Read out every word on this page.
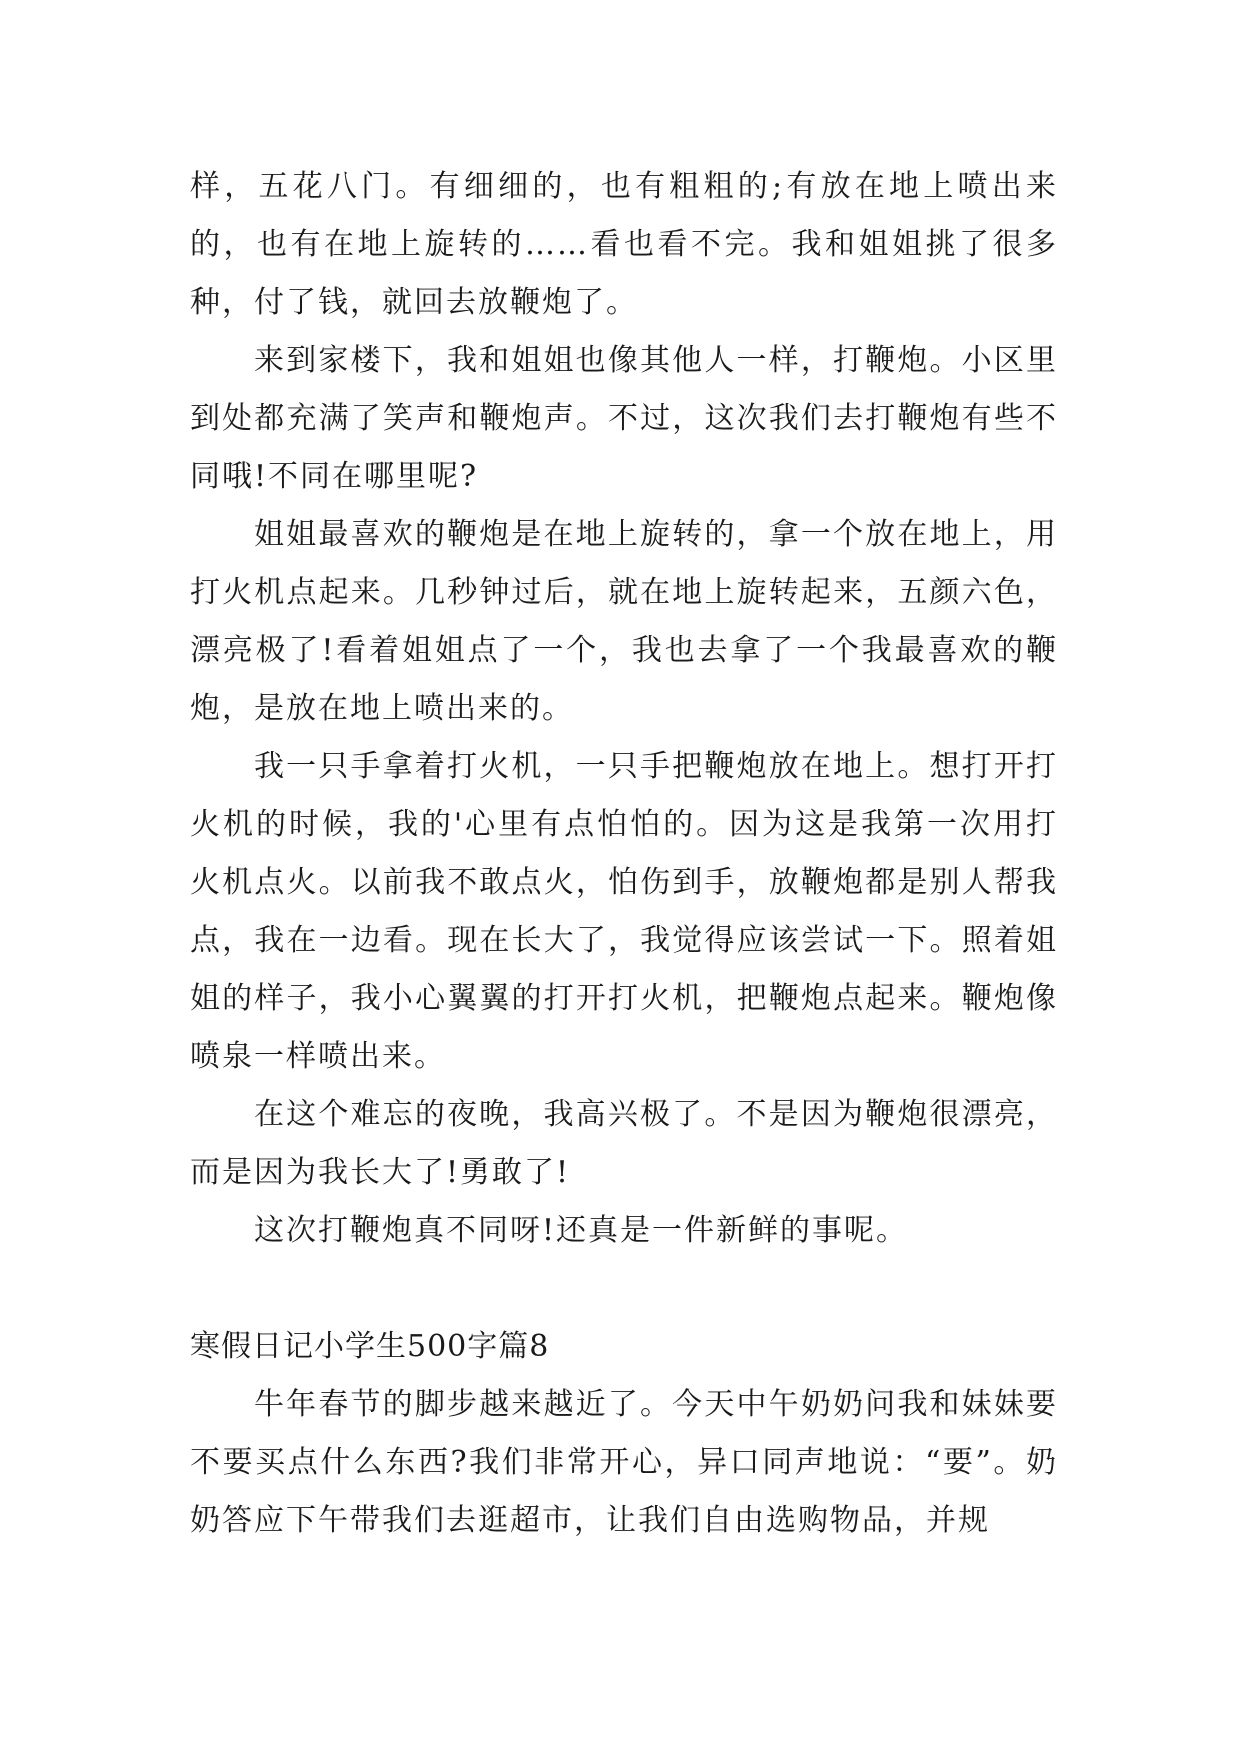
样，五花八门。有细细的，也有粗粗的;有放在地上喷出来的，也有在地上旋转的……看也看不完。我和姐姐挑了很多种，付了钱，就回去放鞭炮了。

来到家楼下，我和姐姐也像其他人一样，打鞭炮。小区里到处都充满了笑声和鞭炮声。不过，这次我们去打鞭炮有些不同哦!不同在哪里呢?

姐姐最喜欢的鞭炮是在地上旋转的，拿一个放在地上，用打火机点起来。几秒钟过后，就在地上旋转起来，五颜六色，漂亮极了!看着姐姐点了一个，我也去拿了一个我最喜欢的鞭炮，是放在地上喷出来的。

我一只手拿着打火机，一只手把鞭炮放在地上。想打开打火机的时候，我的'心里有点怕怕的。因为这是我第一次用打火机点火。以前我不敢点火，怕伤到手，放鞭炮都是别人帮我点，我在一边看。现在长大了，我觉得应该尝试一下。照着姐姐的样子，我小心翼翼的打开打火机，把鞭炮点起来。鞭炮像喷泉一样喷出来。

在这个难忘的夜晚，我高兴极了。不是因为鞭炮很漂亮，而是因为我长大了!勇敢了!

这次打鞭炮真不同呀!还真是一件新鲜的事呢。

寒假日记小学生500字篇8

牛年春节的脚步越来越近了。今天中午奶奶问我和妹妹要不要买点什么东西?我们非常开心，异口同声地说：“要”。奶奶答应下午带我们去逛超市，让我们自由选购物品，并规
